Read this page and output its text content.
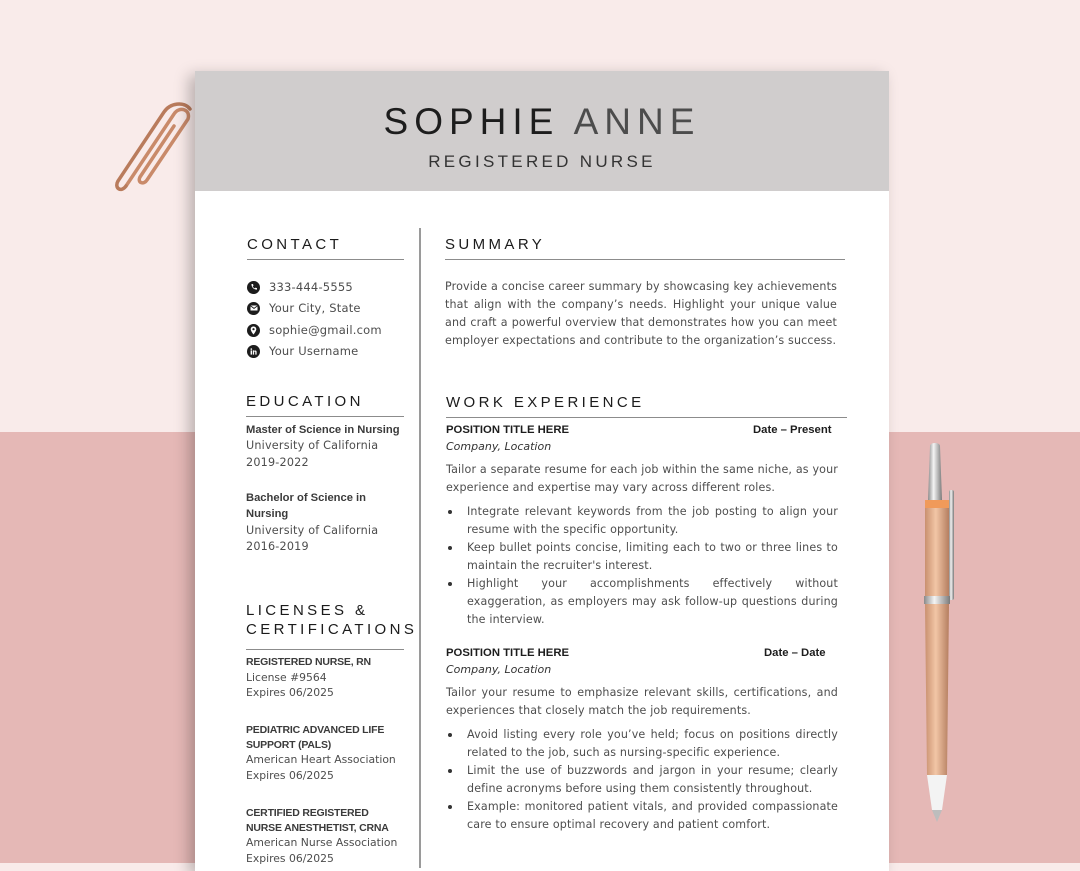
SOPHIE ANNE
REGISTERED NURSE
CONTACT
333-444-5555
Your City, State
sophie@gmail.com
Your Username
EDUCATION
Master of Science in Nursing
University of California
2019-2022
Bachelor of Science in Nursing
University of California
2016-2019
LICENSES & CERTIFICATIONS
REGISTERED NURSE, RN
License #9564
Expires 06/2025
PEDIATRIC ADVANCED LIFE SUPPORT (PALS)
American Heart Association
Expires 06/2025
CERTIFIED REGISTERED NURSE ANESTHETIST, CRNA
American Nurse Association
Expires 06/2025
SUMMARY
Provide a concise career summary by showcasing key achievements that align with the company’s needs. Highlight your unique value and craft a powerful overview that demonstrates how you can meet employer expectations and contribute to the organization’s success.
WORK EXPERIENCE
POSITION TITLE HERE	Date – Present
Company, Location
Tailor a separate resume for each job within the same niche, as your experience and expertise may vary across different roles.
Integrate relevant keywords from the job posting to align your resume with the specific opportunity.
Keep bullet points concise, limiting each to two or three lines to maintain the recruiter's interest.
Highlight your accomplishments effectively without exaggeration, as employers may ask follow-up questions during the interview.
POSITION TITLE HERE	Date – Date
Company, Location
Tailor your resume to emphasize relevant skills, certifications, and experiences that closely match the job requirements.
Avoid listing every role you’ve held; focus on positions directly related to the job, such as nursing-specific experience.
Limit the use of buzzwords and jargon in your resume; clearly define acronyms before using them consistently throughout.
Example: monitored patient vitals, and provided compassionate care to ensure optimal recovery and patient comfort.
